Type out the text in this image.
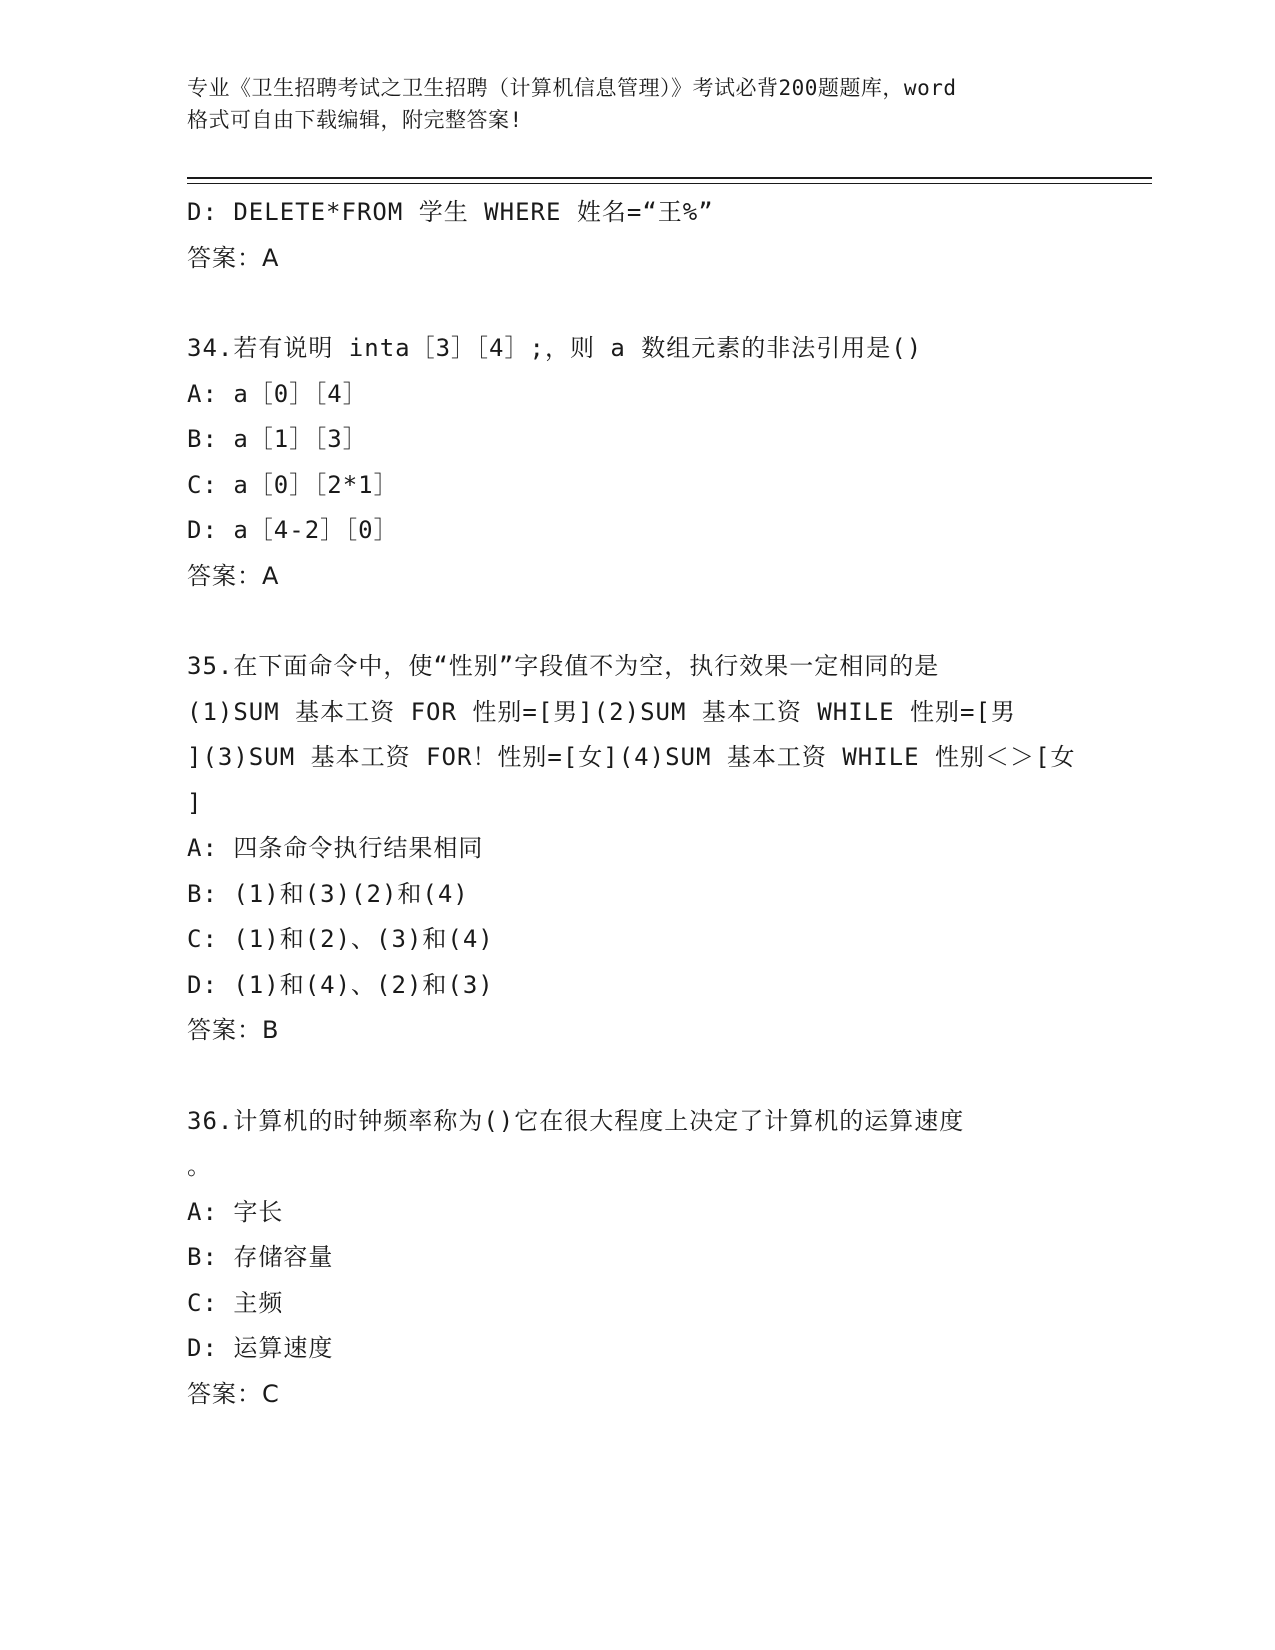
专业《卫生招聘考试之卫生招聘（计算机信息管理）》考试必背200题题库，word
格式可自由下载编辑，附完整答案!
D: DELETE*FROM 学生 WHERE 姓名=“王%”
答案：A
34.若有说明 inta［3］［4］;，则 a 数组元素的非法引用是()
A: a［0］［4］
B: a［1］［3］
C: a［0］［2*1］
D: a［4-2］［0］
答案：A
35.在下面命令中，使“性别”字段值不为空，执行效果一定相同的是
(1)SUM 基本工资 FOR 性别=[男](2)SUM 基本工资 WHILE 性别=[男
](3)SUM 基本工资 FOR！性别=[女](4)SUM 基本工资 WHILE 性别＜＞[女
]
A: 四条命令执行结果相同
B: (1)和(3)(2)和(4)
C: (1)和(2)、(3)和(4)
D: (1)和(4)、(2)和(3)
答案：B
36.计算机的时钟频率称为()它在很大程度上决定了计算机的运算速度
。
A: 字长
B: 存储容量
C: 主频
D: 运算速度
答案：C
